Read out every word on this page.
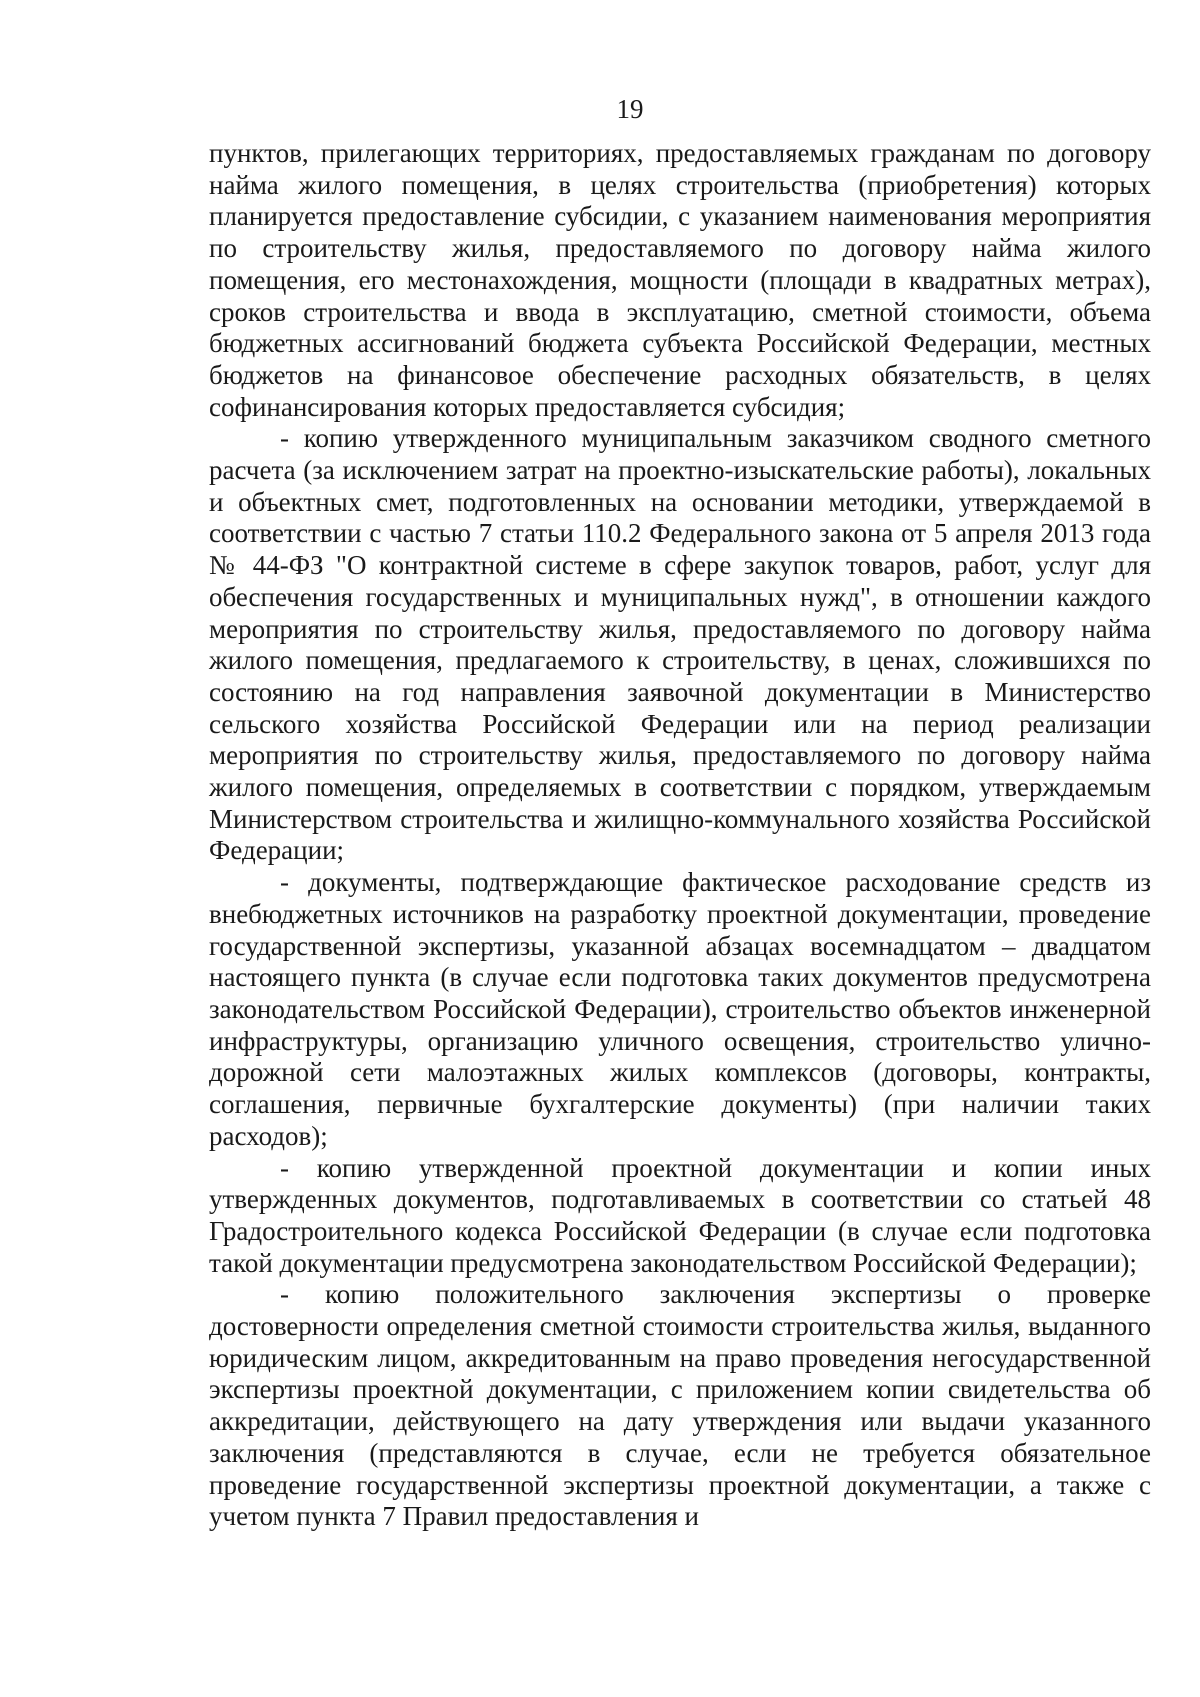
19

пунктов, прилегающих территориях, предоставляемых гражданам по договору найма жилого помещения, в целях строительства (приобретения) которых планируется предоставление субсидии, с указанием наименования мероприятия по строительству жилья, предоставляемого по договору найма жилого помещения, его местонахождения, мощности (площади в квадратных метрах), сроков строительства и ввода в эксплуатацию, сметной стоимости, объема бюджетных ассигнований бюджета субъекта Российской Федерации, местных бюджетов на финансовое обеспечение расходных обязательств, в целях софинансирования которых предоставляется субсидия;

- копию утвержденного муниципальным заказчиком сводного сметного расчета (за исключением затрат на проектно-изыскательские работы), локальных и объектных смет, подготовленных на основании методики, утверждаемой в соответствии с частью 7 статьи 110.2 Федерального закона от 5 апреля 2013 года № 44-ФЗ "О контрактной системе в сфере закупок товаров, работ, услуг для обеспечения государственных и муниципальных нужд", в отношении каждого мероприятия по строительству жилья, предоставляемого по договору найма жилого помещения, предлагаемого к строительству, в ценах, сложившихся по состоянию на год направления заявочной документации в Министерство сельского хозяйства Российской Федерации или на период реализации мероприятия по строительству жилья, предоставляемого по договору найма жилого помещения, определяемых в соответствии с порядком, утверждаемым Министерством строительства и жилищно-коммунального хозяйства Российской Федерации;

- документы, подтверждающие фактическое расходование средств из внебюджетных источников на разработку проектной документации, проведение государственной экспертизы, указанной абзацах восемнадцатом – двадцатом настоящего пункта (в случае если подготовка таких документов предусмотрена законодательством Российской Федерации), строительство объектов инженерной инфраструктуры, организацию уличного освещения, строительство улично-дорожной сети малоэтажных жилых комплексов (договоры, контракты, соглашения, первичные бухгалтерские документы) (при наличии таких расходов);

- копию утвержденной проектной документации и копии иных утвержденных документов, подготавливаемых в соответствии со статьей 48 Градостроительного кодекса Российской Федерации (в случае если подготовка такой документации предусмотрена законодательством Российской Федерации);

- копию положительного заключения экспертизы о проверке достоверности определения сметной стоимости строительства жилья, выданного юридическим лицом, аккредитованным на право проведения негосударственной экспертизы проектной документации, с приложением копии свидетельства об аккредитации, действующего на дату утверждения или выдачи указанного заключения (представляются в случае, если не требуется обязательное проведение государственной экспертизы проектной документации, а также с учетом пункта 7 Правил предоставления и
